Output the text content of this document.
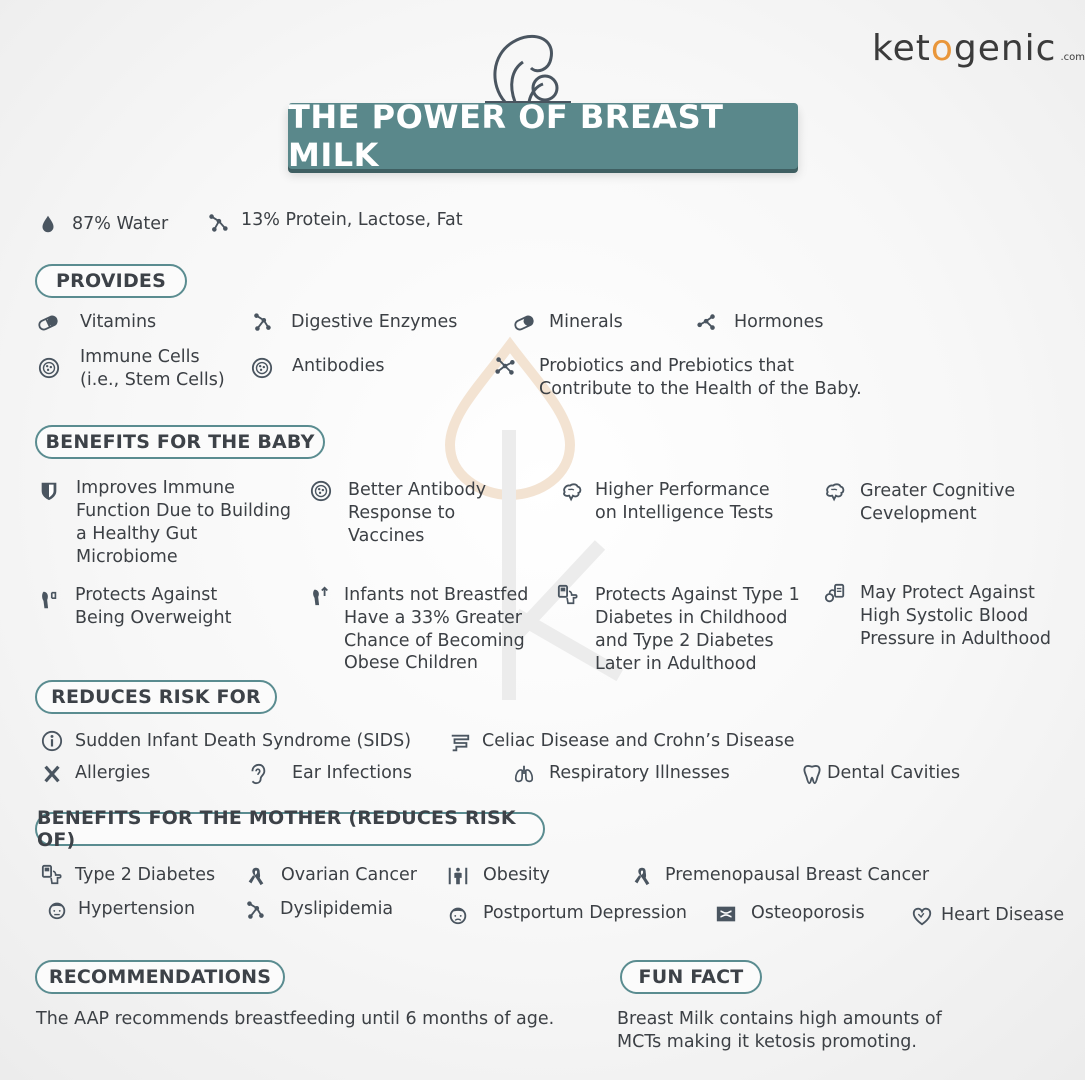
ketogenic .com
THE POWER OF BREAST MILK
87% Water	13% Protein, Lactose, Fat
PROVIDES
Vitamins	Digestive Enzymes	Minerals	Hormones
Immune Cells
(i.e., Stem Cells)
Antibodies	Probiotics and Prebiotics that
Contribute to the Health of the Baby.
BENEFITS FOR THE BABY
Improves Immune
Function Due to Building
a Healthy Gut
Microbiome
Better Antibody
Response to
Vaccines
Higher Performance
on Intelligence Tests
Greater Cognitive
Cevelopment
Protects Against
Being Overweight
Infants not Breastfed
Have a 33% Greater
Chance of Becoming
Obese Children
Protects Against Type 1
Diabetes in Childhood
and Type 2 Diabetes
Later in Adulthood
May Protect Against
High Systolic Blood
Pressure in Adulthood
REDUCES RISK FOR
Sudden Infant Death Syndrome (SIDS)	Celiac Disease and Crohn’s Disease
Allergies	Ear Infections	Respiratory Illnesses	Dental Cavities
BENEFITS FOR THE MOTHER (REDUCES RISK OF)
Type 2 Diabetes	Ovarian Cancer	Obesity	Premenopausal Breast Cancer
Hypertension	Dyslipidemia	Postportum Depression	Osteoporosis	Heart Disease
RECOMMENDATIONS
The AAP recommends breastfeeding until 6 months of age.
FUN FACT
Breast Milk contains high amounts of
MCTs making it ketosis promoting.
